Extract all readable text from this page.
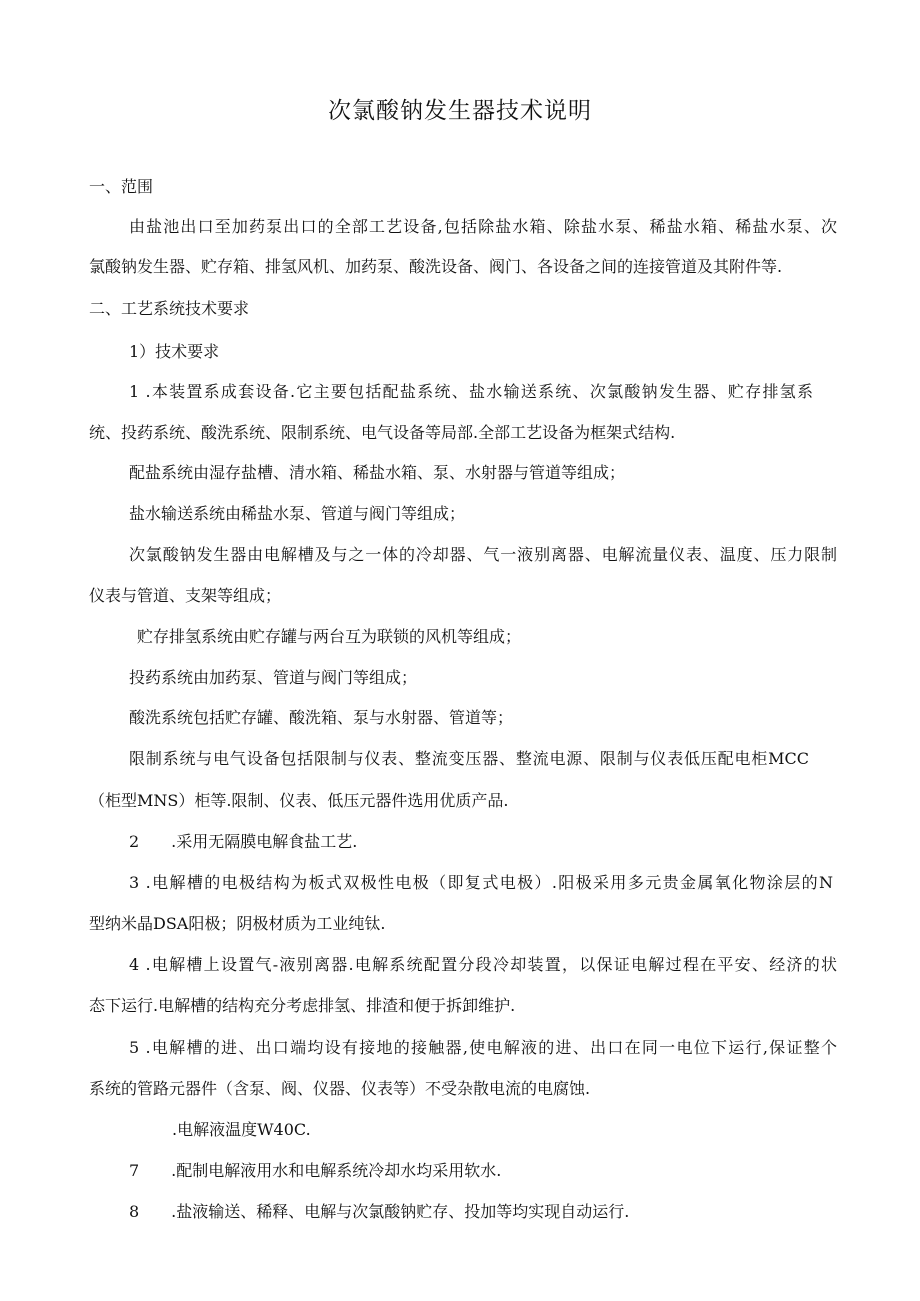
次氯酸钠发生器技术说明

一、范围

由盐池出口至加药泵出口的全部工艺设备,包括除盐水箱、除盐水泵、稀盐水箱、稀盐水泵、次

氯酸钠发生器、贮存箱、排氢风机、加药泵、酸洗设备、阀门、各设备之间的连接管道及其附件等.

二、工艺系统技术要求

1）技术要求

1 .本装置系成套设备.它主要包括配盐系统、盐水输送系统、次氯酸钠发生器、贮存排氢系

统、投药系统、酸洗系统、限制系统、电气设备等局部.全部工艺设备为框架式结构.

配盐系统由湿存盐槽、清水箱、稀盐水箱、泵、水射器与管道等组成；

盐水输送系统由稀盐水泵、管道与阀门等组成；

次氯酸钠发生器由电解槽及与之一体的冷却器、气一液别离器、电解流量仪表、温度、压力限制

仪表与管道、支架等组成；

贮存排氢系统由贮存罐与两台互为联锁的风机等组成；

投药系统由加药泵、管道与阀门等组成；

酸洗系统包括贮存罐、酸洗箱、泵与水射器、管道等；

限制系统与电气设备包括限制与仪表、整流变压器、整流电源、限制与仪表低压配电柜MCC

（柜型MNS）柜等.限制、仪表、低压元器件选用优质产品.

2　　.采用无隔膜电解食盐工艺.

3 .电解槽的电极结构为板式双极性电极（即复式电极）.阳极采用多元贵金属氧化物涂层的N

型纳米晶DSA阳极；阴极材质为工业纯钛.

4 .电解槽上设置气-液别离器.电解系统配置分段冷却装置，以保证电解过程在平安、经济的状

态下运行.电解槽的结构充分考虑排氢、排渣和便于拆卸维护.

5 .电解槽的进、出口端均设有接地的接触器,使电解液的进、出口在同一电位下运行,保证整个

系统的管路元器件（含泵、阀、仪器、仪表等）不受杂散电流的电腐蚀.

.电解液温度W40C.

7　　.配制电解液用水和电解系统冷却水均采用软水.

8　　.盐液输送、稀释、电解与次氯酸钠贮存、投加等均实现自动运行.
